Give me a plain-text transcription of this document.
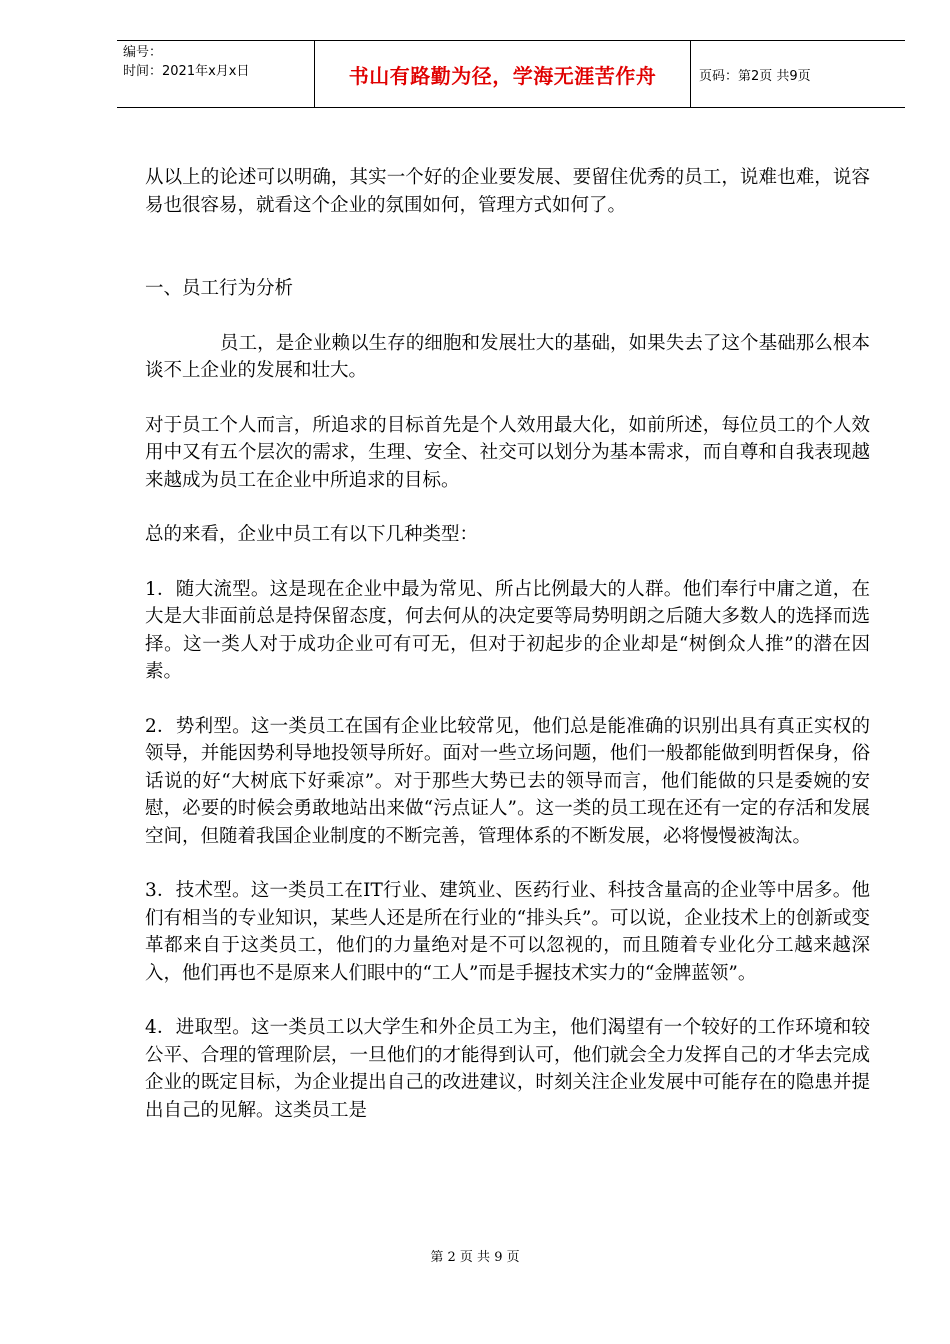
编号：
时间：2021年x月x日	书山有路勤为径，学海无涯苦作舟	页码：第2页 共9页

从以上的论述可以明确，其实一个好的企业要发展、要留住优秀的员工，说难也难，说容易也很容易，就看这个企业的氛围如何，管理方式如何了。

一、员工行为分析

员工，是企业赖以生存的细胞和发展壮大的基础，如果失去了这个基础那么根本谈不上企业的发展和壮大。

对于员工个人而言，所追求的目标首先是个人效用最大化，如前所述，每位员工的个人效用中又有五个层次的需求，生理、安全、社交可以划分为基本需求，而自尊和自我表现越来越成为员工在企业中所追求的目标。

总的来看，企业中员工有以下几种类型：

1．随大流型。这是现在企业中最为常见、所占比例最大的人群。他们奉行中庸之道，在大是大非面前总是持保留态度，何去何从的决定要等局势明朗之后随大多数人的选择而选择。这一类人对于成功企业可有可无，但对于初起步的企业却是“树倒众人推”的潜在因素。

2．势利型。这一类员工在国有企业比较常见，他们总是能准确的识别出具有真正实权的领导，并能因势利导地投领导所好。面对一些立场问题，他们一般都能做到明哲保身，俗话说的好“大树底下好乘凉”。对于那些大势已去的领导而言，他们能做的只是委婉的安慰，必要的时候会勇敢地站出来做“污点证人”。这一类的员工现在还有一定的存活和发展空间，但随着我国企业制度的不断完善，管理体系的不断发展，必将慢慢被淘汰。

3．技术型。这一类员工在IT行业、建筑业、医药行业、科技含量高的企业等中居多。他们有相当的专业知识，某些人还是所在行业的“排头兵”。可以说，企业技术上的创新或变革都来自于这类员工，他们的力量绝对是不可以忽视的，而且随着专业化分工越来越深入，他们再也不是原来人们眼中的“工人”而是手握技术实力的“金牌蓝领”。

4．进取型。这一类员工以大学生和外企员工为主，他们渴望有一个较好的工作环境和较公平、合理的管理阶层，一旦他们的才能得到认可，他们就会全力发挥自己的才华去完成企业的既定目标，为企业提出自己的改进建议，时刻关注企业发展中可能存在的隐患并提出自己的见解。这类员工是

第 2 页 共 9 页
